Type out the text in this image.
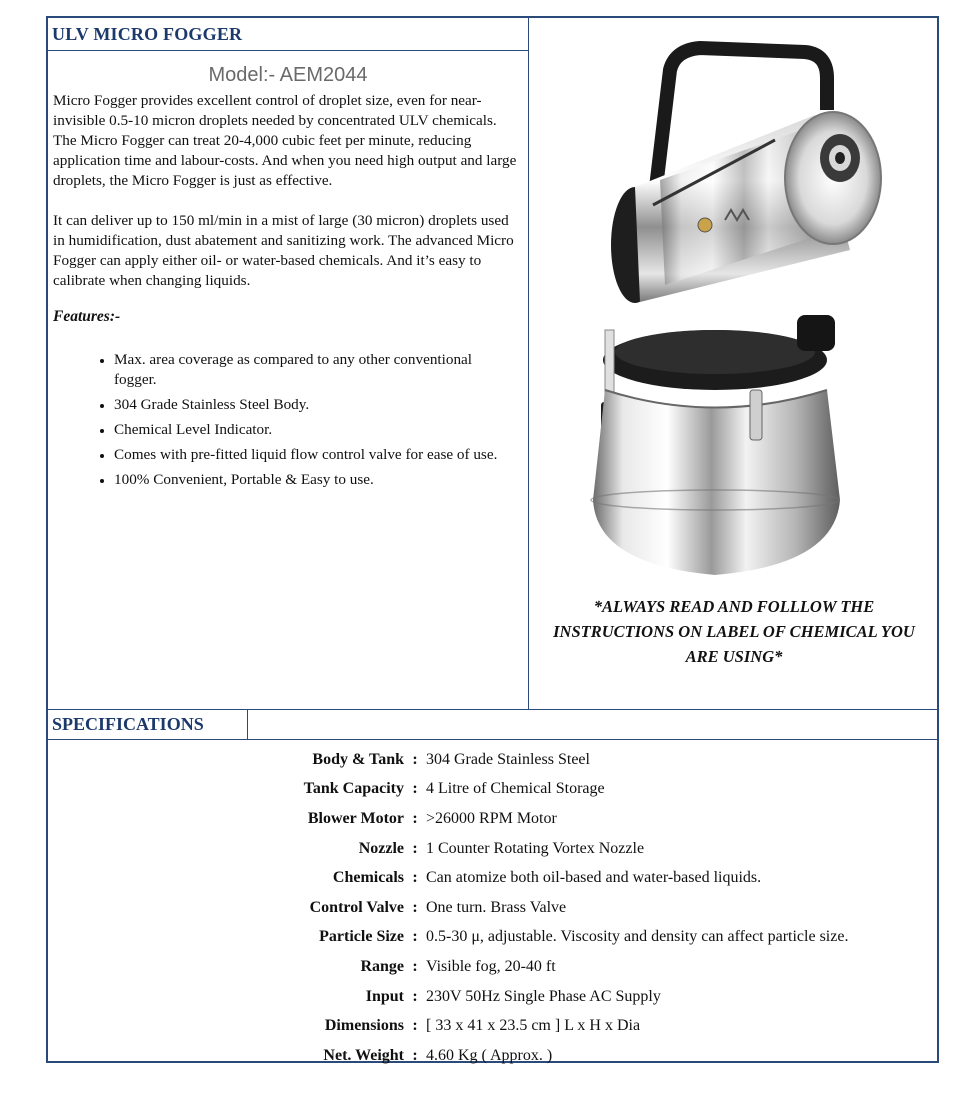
ULV MICRO FOGGER
Model:- AEM2044

Micro Fogger provides excellent control of droplet size, even for near-invisible 0.5-10 micron droplets needed by concentrated ULV chemicals.

The Micro Fogger can treat 20-4,000 cubic feet per minute, reducing application time and labour-costs. And when you need high output and large droplets, the Micro Fogger is just as effective.

It can deliver up to 150 ml/min in a mist of large (30 micron) droplets used in humidification, dust abatement and sanitizing work. The advanced Micro Fogger can apply either oil- or water-based chemicals. And it’s easy to calibrate when changing liquids.

Features:-
• Max. area coverage as compared to any other conventional fogger.
• 304 Grade Stainless Steel Body.
• Chemical Level Indicator.
• Comes with pre-fitted liquid flow control valve for ease of use.
• 100% Convenient, Portable & Easy to use.
*ALWAYS READ AND FOLLLOW THE
INSTRUCTIONS ON LABEL OF CHEMICAL YOU
ARE USING*
SPECIFICATIONS
Body & Tank : 304 Grade Stainless Steel
Tank Capacity : 4 Litre of Chemical Storage
Blower Motor : >26000 RPM Motor
Nozzle : 1 Counter Rotating Vortex Nozzle
Chemicals : Can atomize both oil-based and water-based liquids.
Control Valve : One turn. Brass Valve
Particle Size : 0.5-30 μ, adjustable. Viscosity and density can affect particle size.
Range : Visible fog, 20-40 ft
Input : 230V 50Hz Single Phase AC Supply
Dimensions : [ 33 x 41 x 23.5 cm ] L x H x Dia
Net. Weight : 4.60 Kg ( Approx. )
